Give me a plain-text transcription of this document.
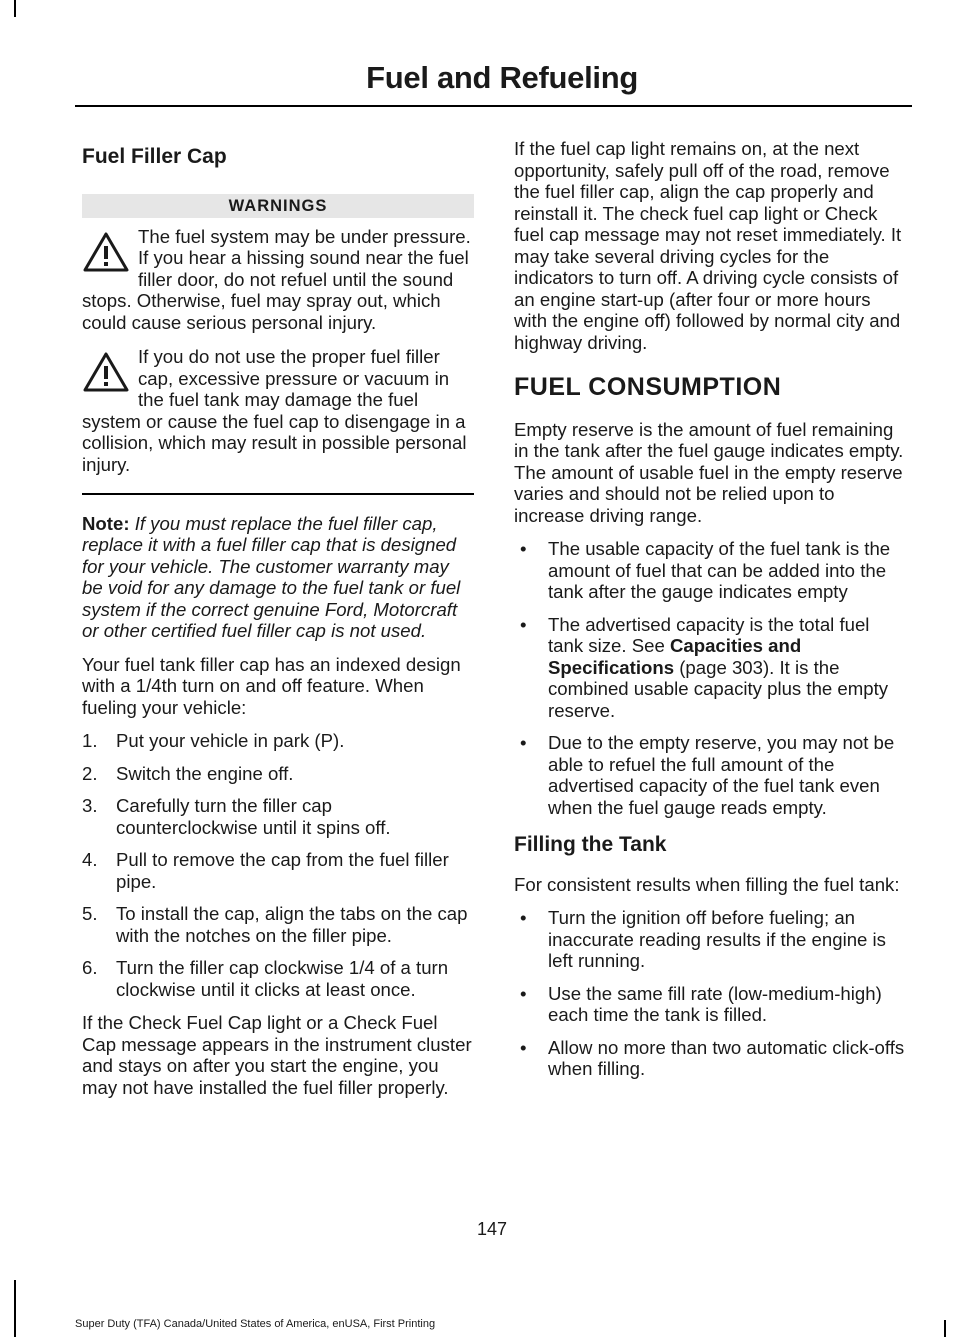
Fuel and Refueling
Fuel Filler Cap
WARNINGS
The fuel system may be under pressure. If you hear a hissing sound near the fuel filler door, do not refuel until the sound stops. Otherwise, fuel may spray out, which could cause serious personal injury.
If you do not use the proper fuel filler cap, excessive pressure or vacuum in the fuel tank may damage the fuel system or cause the fuel cap to disengage in a collision, which may result in possible personal injury.

Note: If you must replace the fuel filler cap, replace it with a fuel filler cap that is designed for your vehicle. The customer warranty may be void for any damage to the fuel tank or fuel system if the correct genuine Ford, Motorcraft or other certified fuel filler cap is not used.

Your fuel tank filler cap has an indexed design with a 1/4th turn on and off feature. When fueling your vehicle:

1. Put your vehicle in park (P).
2. Switch the engine off.
3. Carefully turn the filler cap counterclockwise until it spins off.
4. Pull to remove the cap from the fuel filler pipe.
5. To install the cap, align the tabs on the cap with the notches on the filler pipe.
6. Turn the filler cap clockwise 1/4 of a turn clockwise until it clicks at least once.

If the Check Fuel Cap light or a Check Fuel Cap message appears in the instrument cluster and stays on after you start the engine, you may not have installed the fuel filler properly.

If the fuel cap light remains on, at the next opportunity, safely pull off of the road, remove the fuel filler cap, align the cap properly and reinstall it. The check fuel cap light or Check fuel cap message may not reset immediately. It may take several driving cycles for the indicators to turn off. A driving cycle consists of an engine start-up (after four or more hours with the engine off) followed by normal city and highway driving.

FUEL CONSUMPTION

Empty reserve is the amount of fuel remaining in the tank after the fuel gauge indicates empty. The amount of usable fuel in the empty reserve varies and should not be relied upon to increase driving range.

• The usable capacity of the fuel tank is the amount of fuel that can be added into the tank after the gauge indicates empty
• The advertised capacity is the total fuel tank size. See Capacities and Specifications (page 303). It is the combined usable capacity plus the empty reserve.
• Due to the empty reserve, you may not be able to refuel the full amount of the advertised capacity of the fuel tank even when the fuel gauge reads empty.
Filling the Tank

For consistent results when filling the fuel tank:

• Turn the ignition off before fueling; an inaccurate reading results if the engine is left running.
• Use the same fill rate (low-medium-high) each time the tank is filled.
• Allow no more than two automatic click-offs when filling.
147
Super Duty (TFA) Canada/United States of America, enUSA, First Printing
